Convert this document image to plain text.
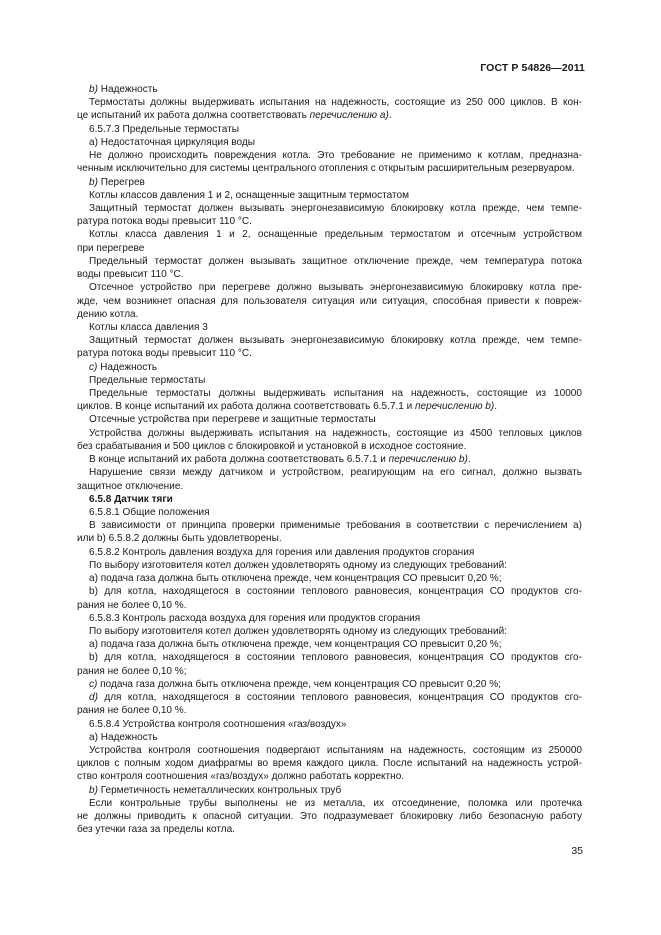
ГОСТ Р 54826—2011
b) Надежность
Термостаты должны выдерживать испытания на надежность, состоящие из 250 000 циклов. В кон-
це испытаний их работа должна соответствовать перечислению а).
6.5.7.3 Предельные термостаты
а) Недостаточная циркуляция воды
Не должно происходить повреждения котла. Это требование не применимо к котлам, предназна-
ченным исключительно для системы центрального отопления с открытым расширительным резервуаром.
b) Перегрев
Котлы классов давления 1 и 2, оснащенные защитным термостатом
Защитный термостат должен вызывать энергонезависимую блокировку котла прежде, чем темпе-
ратура потока воды превысит 110 °С.
Котлы класса давления 1 и 2, оснащенные предельным термостатом и отсечным устройством
при перегреве
Предельный термостат должен вызывать защитное отключение прежде, чем температура потока
воды превысит 110 °С.
Отсечное устройство при перегреве должно вызывать энергонезависимую блокировку котла пре-
жде, чем возникнет опасная для пользователя ситуация или ситуация, способная привести к повреж-
дению котла.
Котлы класса давления 3
Защитный термостат должен вызывать энергонезависимую блокировку котла прежде, чем темпе-
ратура потока воды превысит 110 °С.
c) Надежность
Предельные термостаты
Предельные термостаты должны выдерживать испытания на надежность, состоящие из 10000
циклов. В конце испытаний их работа должна соответствовать 6.5.7.1 и перечислению b).
Отсечные устройства при перегреве и защитные термостаты
Устройства должны выдерживать испытания на надежность, состоящие из 4500 тепловых циклов
без срабатывания и 500 циклов с блокировкой и установкой в исходное состояние.
В конце испытаний их работа должна соответствовать 6.5.7.1 и перечислению b).
Нарушение связи между датчиком и устройством, реагирующим на его сигнал, должно вызвать
защитное отключение.
6.5.8 Датчик тяги
6.5.8.1 Общие положения
В зависимости от принципа проверки применимые требования в соответствии с перечислением а)
или b) 6.5.8.2 должны быть удовлетворены.
6.5.8.2 Контроль давления воздуха для горения или давления продуктов сгорания
По выбору изготовителя котел должен удовлетворять одному из следующих требований:
а) подача газа должна быть отключена прежде, чем концентрация СО превысит 0,20 %;
b) для котла, находящегося в состоянии теплового равновесия, концентрация СО продуктов сго-
рания не более 0,10 %.
6.5.8.3 Контроль расхода воздуха для горения или продуктов сгорания
По выбору изготовителя котел должен удовлетворять одному из следующих требований:
а) подача газа должна быть отключена прежде, чем концентрация СО превысит 0,20 %;
b) для котла, находящегося в состоянии теплового равновесия, концентрация СО продуктов сго-
рания не более 0,10 %;
c) подача газа должна быть отключена прежде, чем концентрация СО превысит 0,20 %;
d) для котла, находящегося в состоянии теплового равновесия, концентрация СО продуктов сго-
рания не более 0,10 %.
6.5.8.4 Устройства контроля соотношения «газ/воздух»
а) Надежность
Устройства контроля соотношения подвергают испытаниям на надежность, состоящим из 250000
циклов с полным ходом диафрагмы во время каждого цикла. После испытаний на надежность устрой-
ство контроля соотношения «газ/воздух» должно работать корректно.
b) Герметичность неметаллических контрольных труб
Если контрольные трубы выполнены не из металла, их отсоединение, поломка или протечка
не должны приводить к опасной ситуации. Это подразумевает блокировку либо безопасную работу
без утечки газа за пределы котла.
35
